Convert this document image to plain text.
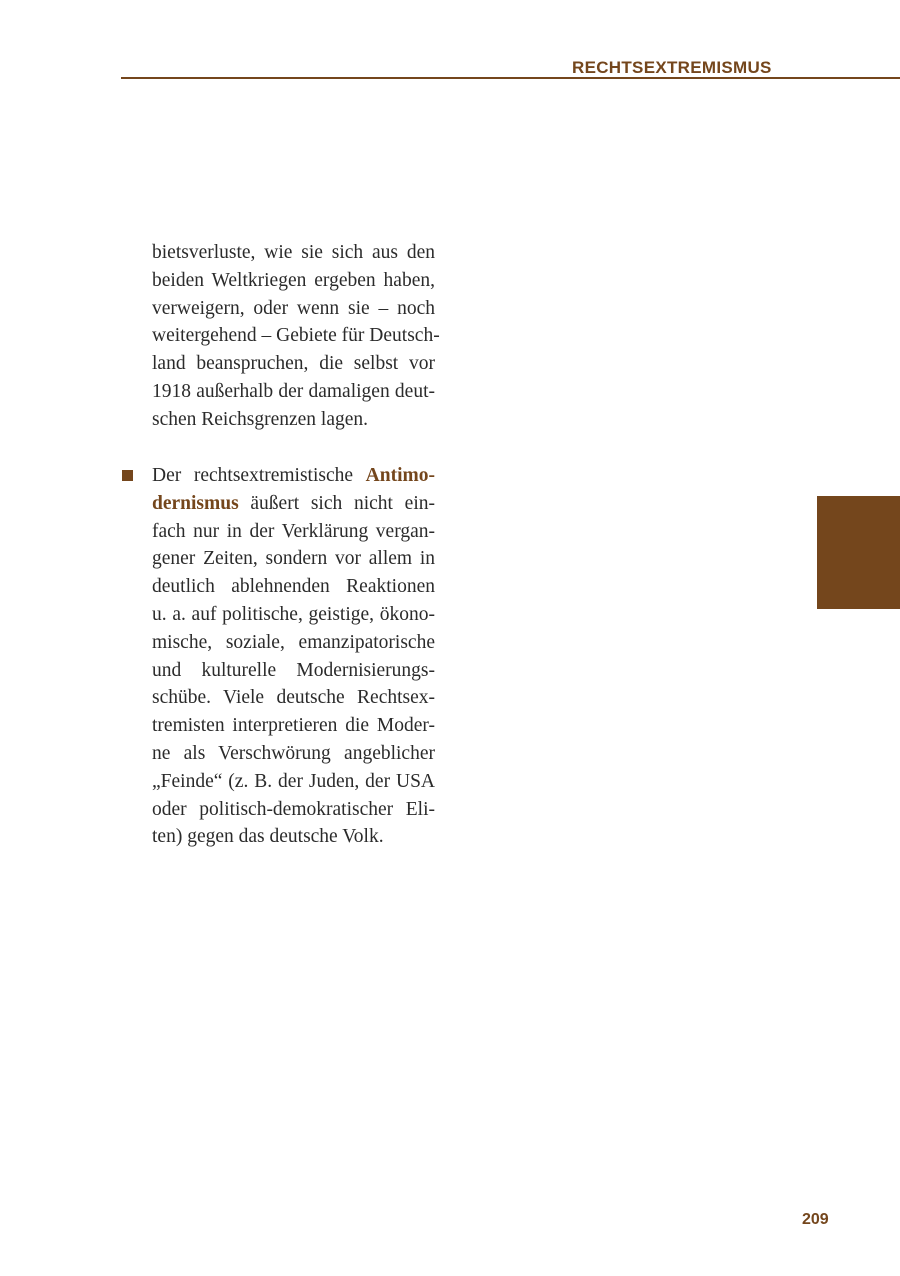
RECHTSEXTREMISMUS
bietsverluste, wie sie sich aus den
beiden Weltkriegen ergeben haben,
verweigern, oder wenn sie – noch
weitergehend – Gebiete für Deutsch-
land beanspruchen, die selbst vor
1918 außerhalb der damaligen deut-
schen Reichsgrenzen lagen.
Der rechtsextremistische Antimo-
dernismus äußert sich nicht ein-
fach nur in der Verklärung vergan-
gener Zeiten, sondern vor allem in
deutlich ablehnenden Reaktionen
u. a. auf politische, geistige, ökono-
mische, soziale, emanzipatorische
und kulturelle Modernisierungs-
schübe. Viele deutsche Rechtsex-
tremisten interpretieren die Moder-
ne als Verschwörung angeblicher
„Feinde“ (z. B. der Juden, der USA
oder politisch-demokratischer Eli-
ten) gegen das deutsche Volk.
209
